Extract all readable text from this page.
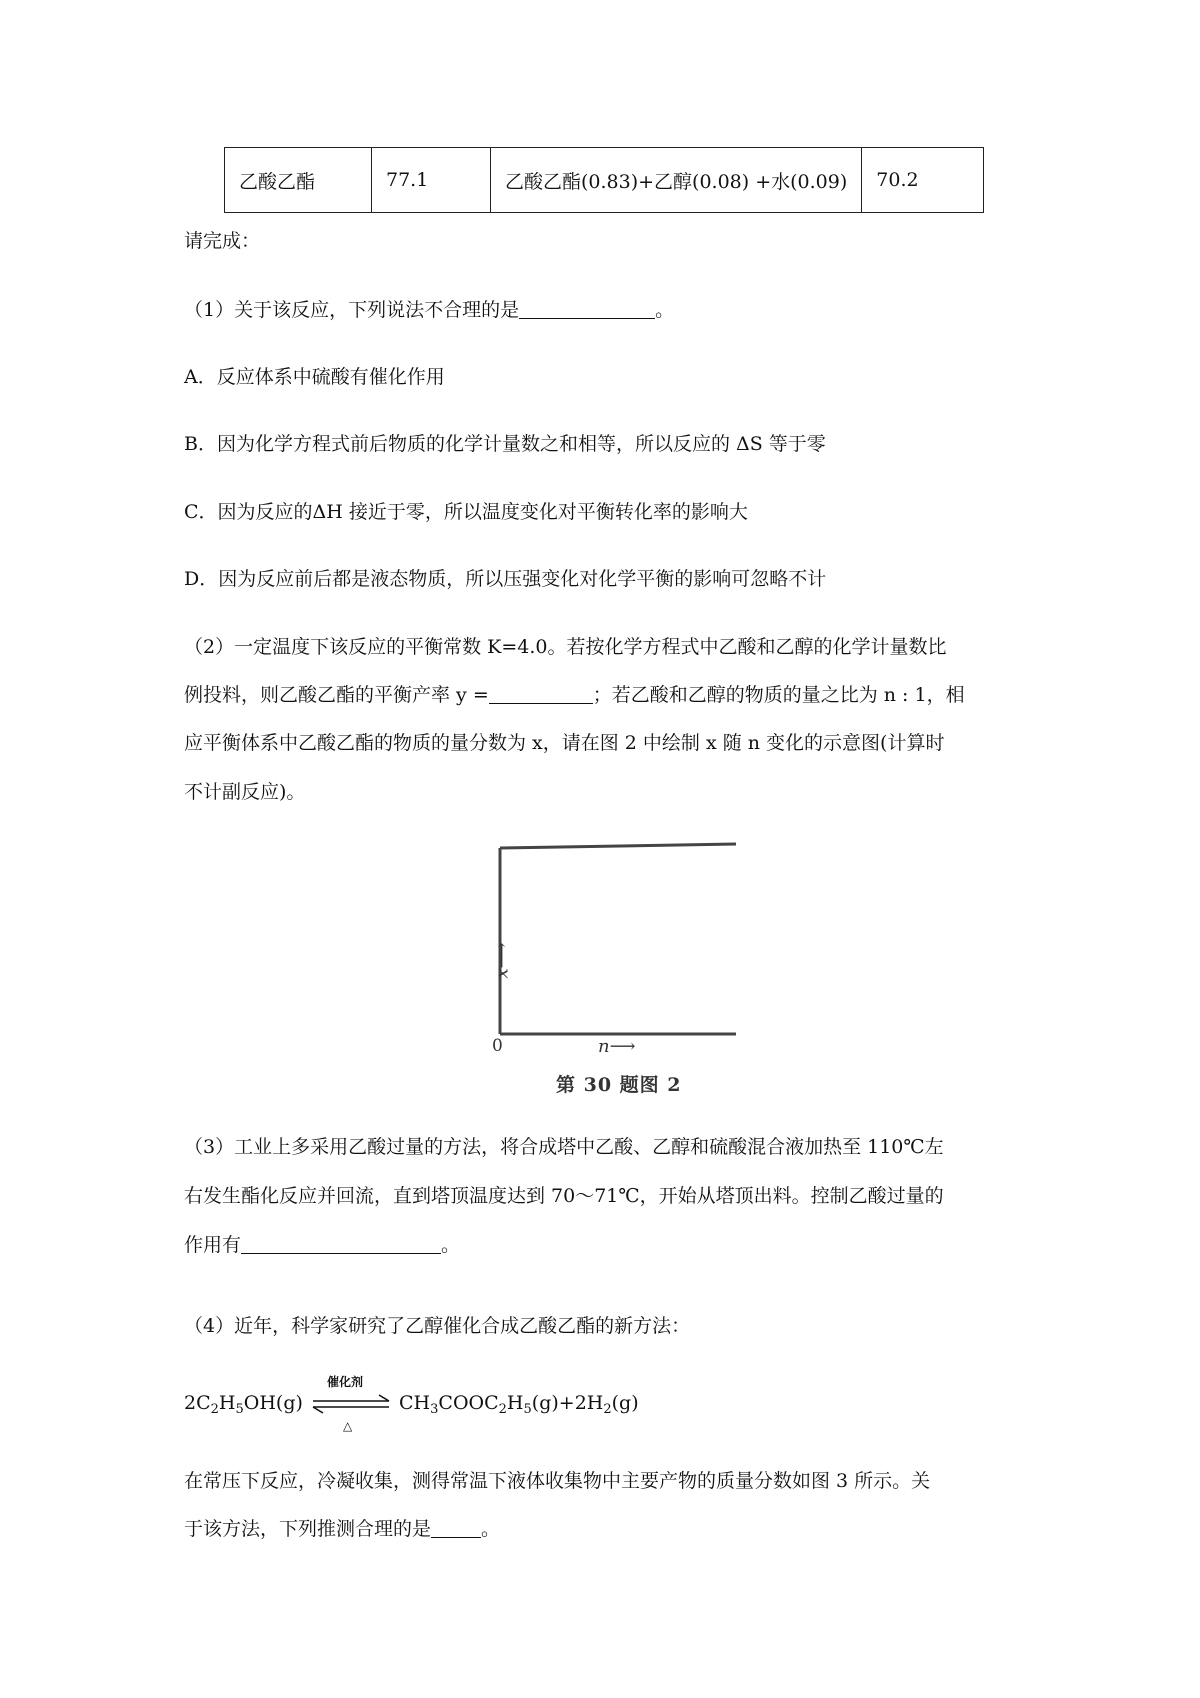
乙酸乙酯	77.1	乙酸乙酯(0.83)+乙醇(0.08) +水(0.09)	70.2
请完成：
（1）关于该反应，下列说法不合理的是	。
A．反应体系中硫酸有催化作用
B．因为化学方程式前后物质的化学计量数之和相等，所以反应的 ΔS 等于零
C．因为反应的ΔH 接近于零，所以温度变化对平衡转化率的影响大
D．因为反应前后都是液态物质，所以压强变化对化学平衡的影响可忽略不计
（2）一定温度下该反应的平衡常数 K=4.0。若按化学方程式中乙酸和乙醇的化学计量数比
例投料，则乙酸乙酯的平衡产率 y =	；若乙酸和乙醇的物质的量之比为 n : 1，相
应平衡体系中乙酸乙酯的物质的量分数为 x，请在图 2 中绘制 x 随 n 变化的示意图(计算时
不计副反应)。
x⟶
0	n⟶
第 30 题图 2
（3）工业上多采用乙酸过量的方法，将合成塔中乙酸、乙醇和硫酸混合液加热至 110℃左
右发生酯化反应并回流，直到塔顶温度达到 70～71℃，开始从塔顶出料。控制乙酸过量的
作用有	。
（4）近年，科学家研究了乙醇催化合成乙酸乙酯的新方法：
$2C_2H_5OH(g)$
催化剂
△
$CH_3COOC_2H_5(g)+2H_2(g)$
在常压下反应，冷凝收集，测得常温下液体收集物中主要产物的质量分数如图 3 所示。关
于该方法，下列推测合理的是	。
